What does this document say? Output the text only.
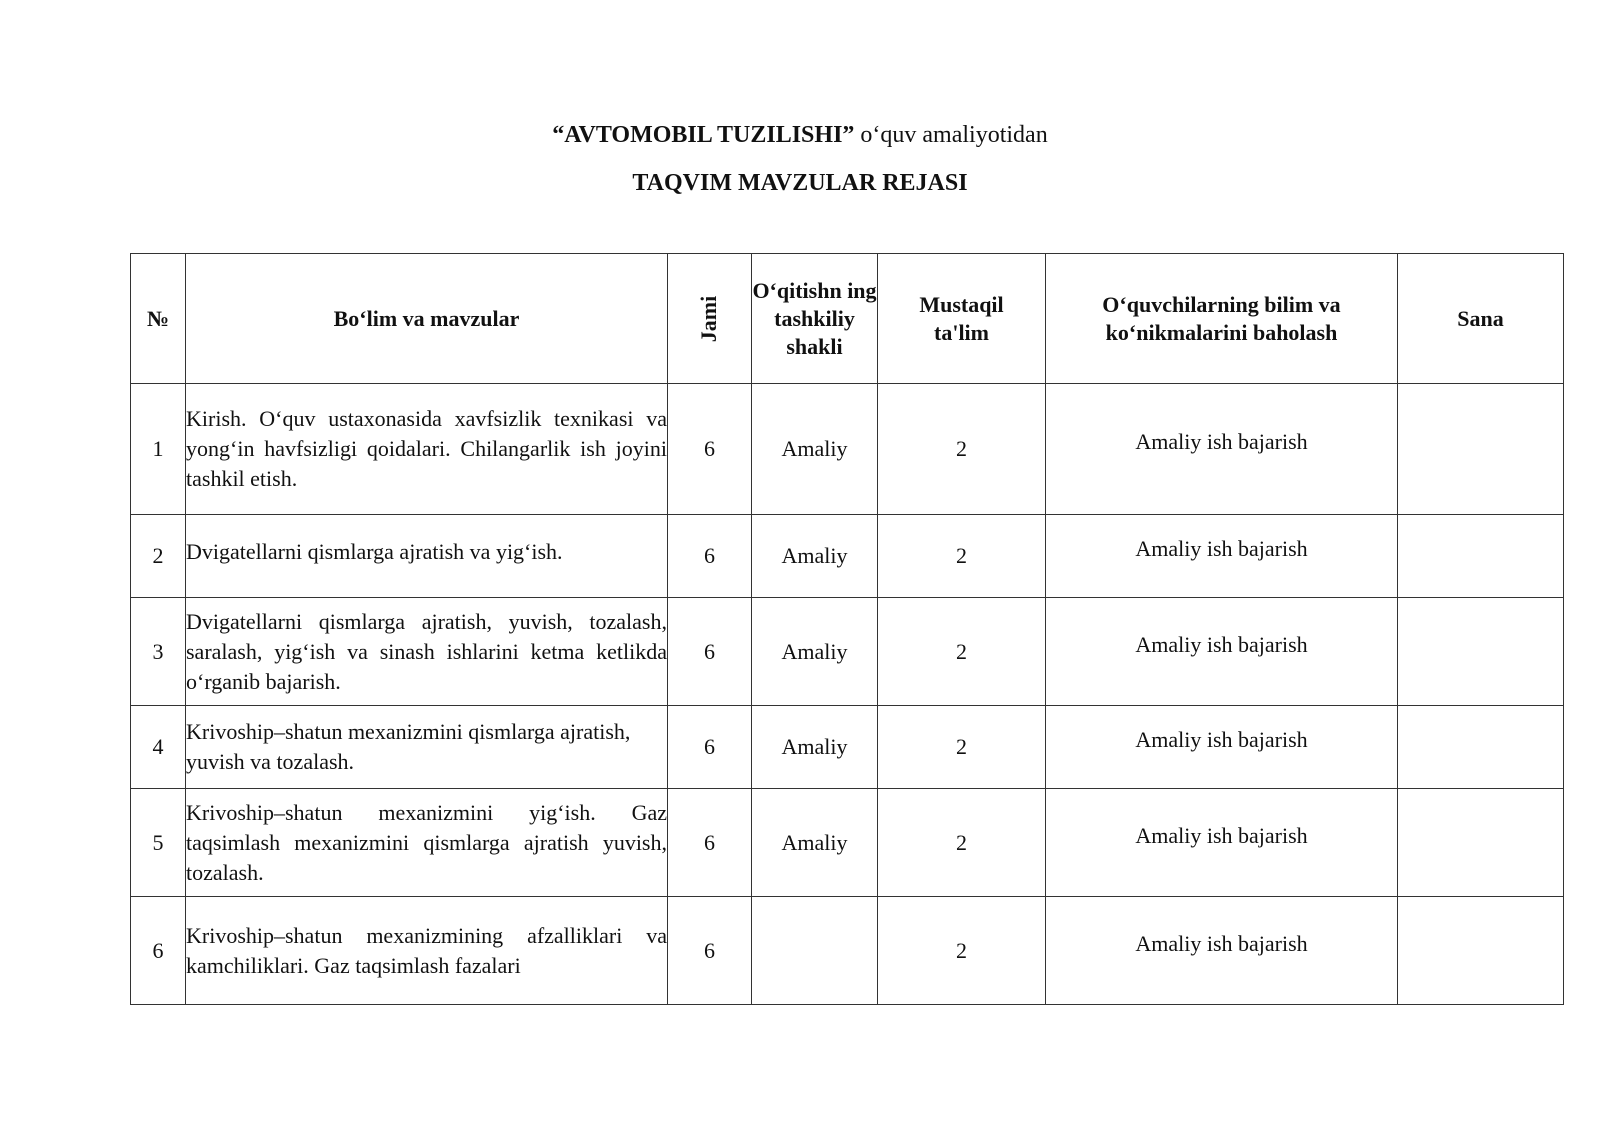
“AVTOMOBIL TUZILISHI” o‘quv amaliyotidan
TAQVIM MAVZULAR REJASI
№	Bo‘lim va mavzular	Jami	O‘qitishn ing tashkiliy shakli	Mustaqil ta'lim	O‘quvchilarning bilim va ko‘nikmalarini baholash	Sana
1	Kirish. O‘quv ustaxonasida xavfsizlik texnikasi va yong‘in havfsizligi qoidalari. Chilangarlik ish joyini tashkil etish.	6	Amaliy	2	Amaliy ish bajarish	
2	Dvigatellarni qismlarga ajratish va yig‘ish.	6	Amaliy	2	Amaliy ish bajarish	
3	Dvigatellarni qismlarga ajratish, yuvish, tozalash, saralash, yig‘ish va sinash ishlarini ketma ketlikda o‘rganib bajarish.	6	Amaliy	2	Amaliy ish bajarish	
4	Krivoship–shatun mexanizmini qismlarga ajratish, yuvish va tozalash.	6	Amaliy	2	Amaliy ish bajarish	
5	Krivoship–shatun mexanizmini yig‘ish. Gaz taqsimlash mexanizmini qismlarga ajratish yuvish, tozalash.	6	Amaliy	2	Amaliy ish bajarish	
6	Krivoship–shatun mexanizmining afzalliklari va kamchiliklari. Gaz taqsimlash fazalari	6		2	Amaliy ish bajarish	
